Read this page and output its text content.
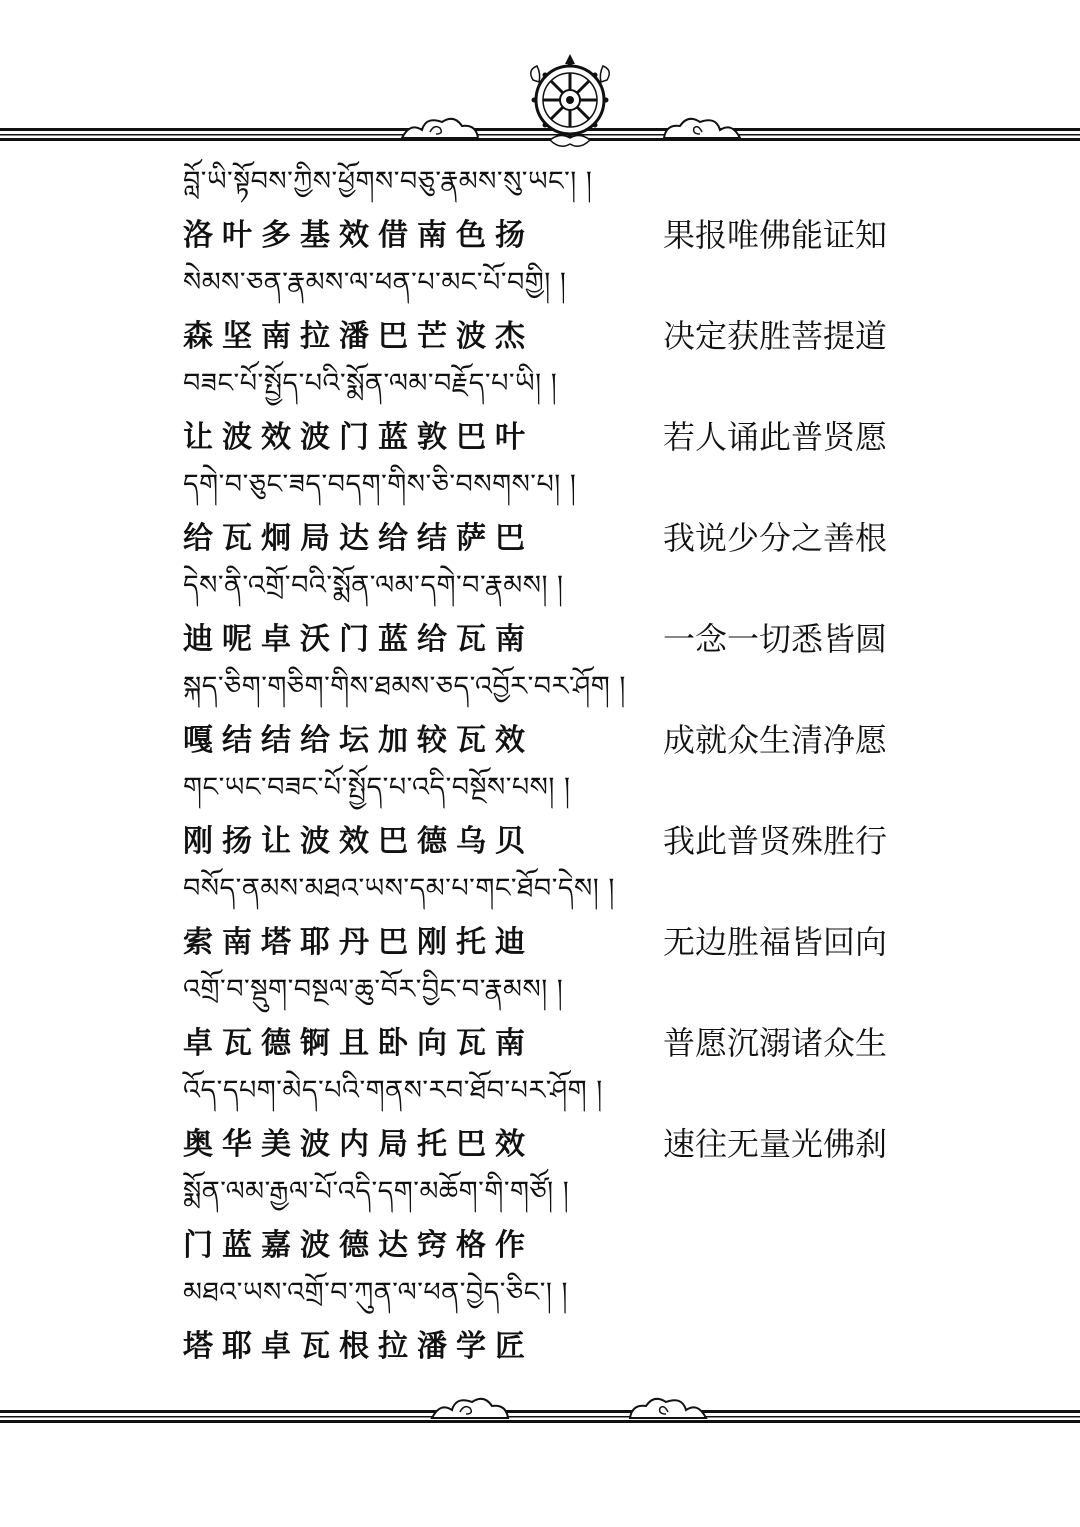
བློ་ཡི་སྟོབས་ཀྱིས་ཕྱོགས་བཅུ་རྣམས་སུ་ཡང་། །
洛叶多基效借南色扬	果报唯佛能证知
སེམས་ཅན་རྣམས་ལ་ཕན་པ་མང་པོ་བགྱི། །
森坚南拉潘巴芒波杰	决定获胜菩提道
བཟང་པོ་སྤྱོད་པའི་སྨོན་ལམ་བརྗོད་པ་ཡི། །
让波效波门蓝敦巴叶	若人诵此普贤愿
དགེ་བ་ཅུང་ཟད་བདག་གིས་ཅི་བསགས་པ། །
给瓦炯局达给结萨巴	我说少分之善根
དེས་ནི་འགྲོ་བའི་སྨོན་ལམ་དགེ་བ་རྣམས། །
迪呢卓沃门蓝给瓦南	一念一切悉皆圆
སྐད་ཅིག་གཅིག་གིས་ཐམས་ཅད་འབྱོར་བར་ཤོག །
嘎结结给坛加较瓦效	成就众生清净愿
གང་ཡང་བཟང་པོ་སྤྱོད་པ་འདི་བསྔོས་པས། །
刚扬让波效巴德乌贝	我此普贤殊胜行
བསོད་ནམས་མཐའ་ཡས་དམ་པ་གང་ཐོབ་དེས། །
索南塔耶丹巴刚托迪	无边胜福皆回向
འགྲོ་བ་སྡུག་བསྔལ་ཆུ་བོར་བྱིང་བ་རྣམས། །
卓瓦德锕且卧向瓦南	普愿沉溺诸众生
འོད་དཔག་མེད་པའི་གནས་རབ་ཐོབ་པར་ཤོག །
奥华美波内局托巴效	速往无量光佛刹
སྨོན་ལམ་རྒྱལ་པོ་འདི་དག་མཆོག་གི་གཙོ། །
门蓝嘉波德达窍格作
མཐའ་ཡས་འགྲོ་བ་ཀུན་ལ་ཕན་བྱེད་ཅིང་། །
塔耶卓瓦根拉潘学匠
